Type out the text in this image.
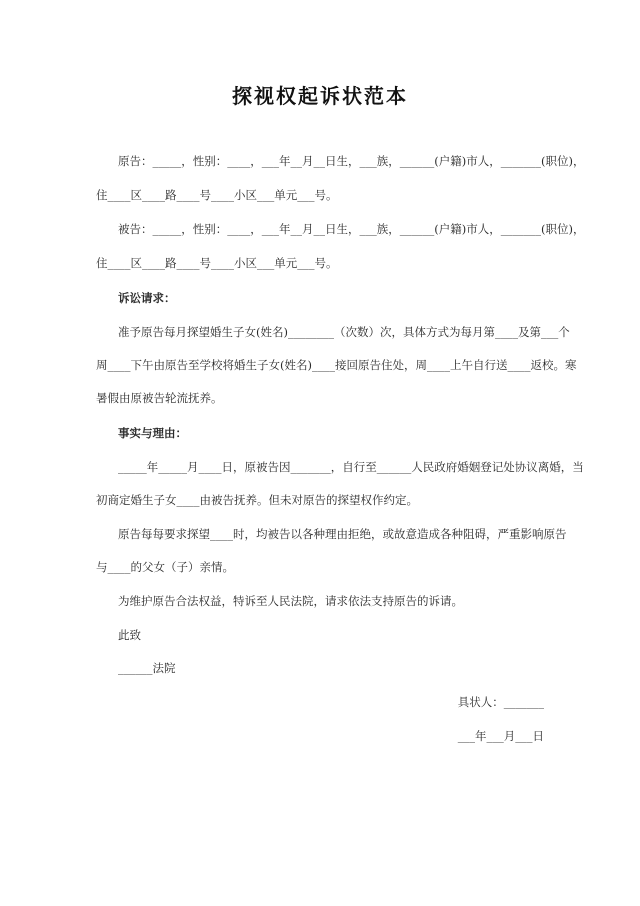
探视权起诉状范本
原告：_____，性别：____，___年__月__日生，___族，______(户籍)市人，_______(职位)，
住____区____路____号____小区___单元___号。
被告：_____，性别：____，___年__月__日生，___族，______(户籍)市人，_______(职位)，
住____区____路____号____小区___单元___号。
诉讼请求：
准予原告每月探望婚生子女(姓名)________（次数）次，具体方式为每月第____及第___个
周____下午由原告至学校将婚生子女(姓名)____接回原告住处，周____上午自行送____返校。寒
暑假由原被告轮流抚养。
事实与理由：
_____年_____月____日，原被告因_______，自行至______人民政府婚姻登记处协议离婚，当
初商定婚生子女____由被告抚养。但未对原告的探望权作约定。
原告每每要求探望____时，均被告以各种理由拒绝，或故意造成各种阻碍，严重影响原告
与____的父女（子）亲情。
为维护原告合法权益，特诉至人民法院，请求依法支持原告的诉请。
此致
______法院
具状人：_______
___年___月___日
